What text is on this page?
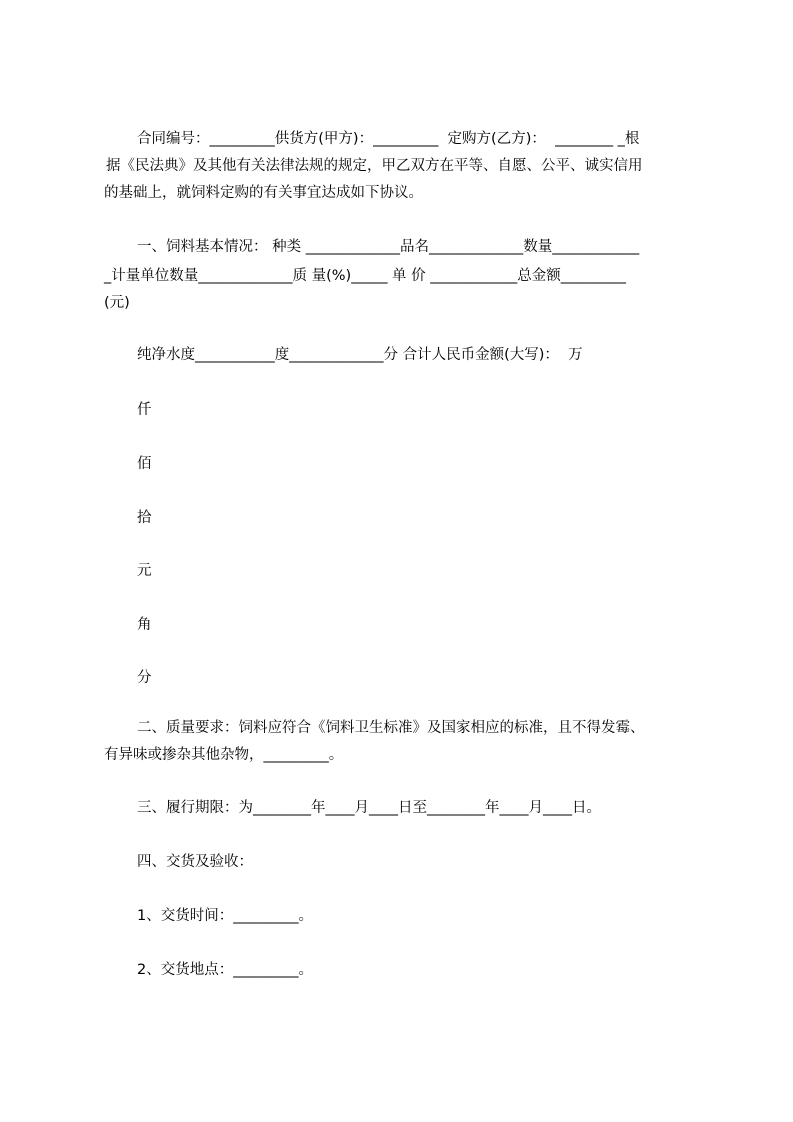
合同编号：_________供货方(甲方)：_________  定购方(乙方)：  ________ _根
据《民法典》及其他有关法律法规的规定，甲乙双方在平等、自愿、公平、诚实信用
的基础上，就饲料定购的有关事宜达成如下协议。
一、饲料基本情况： 种类 _____________品名_____________数量____________
_计量单位数量_____________质 量(%)_____ 单 价 ____________总金额_________
(元)
纯净水度___________度_____________分 合计人民币金额(大写)：  万
仟
佰
拾
元
角
分
二、质量要求：饲料应符合《饲料卫生标准》及国家相应的标准，且不得发霉、
有异味或掺杂其他杂物，_________。
三、履行期限：为________年____月____日至________年____月____日。
四、交货及验收：
1、交货时间：_________。
2、交货地点：_________。
